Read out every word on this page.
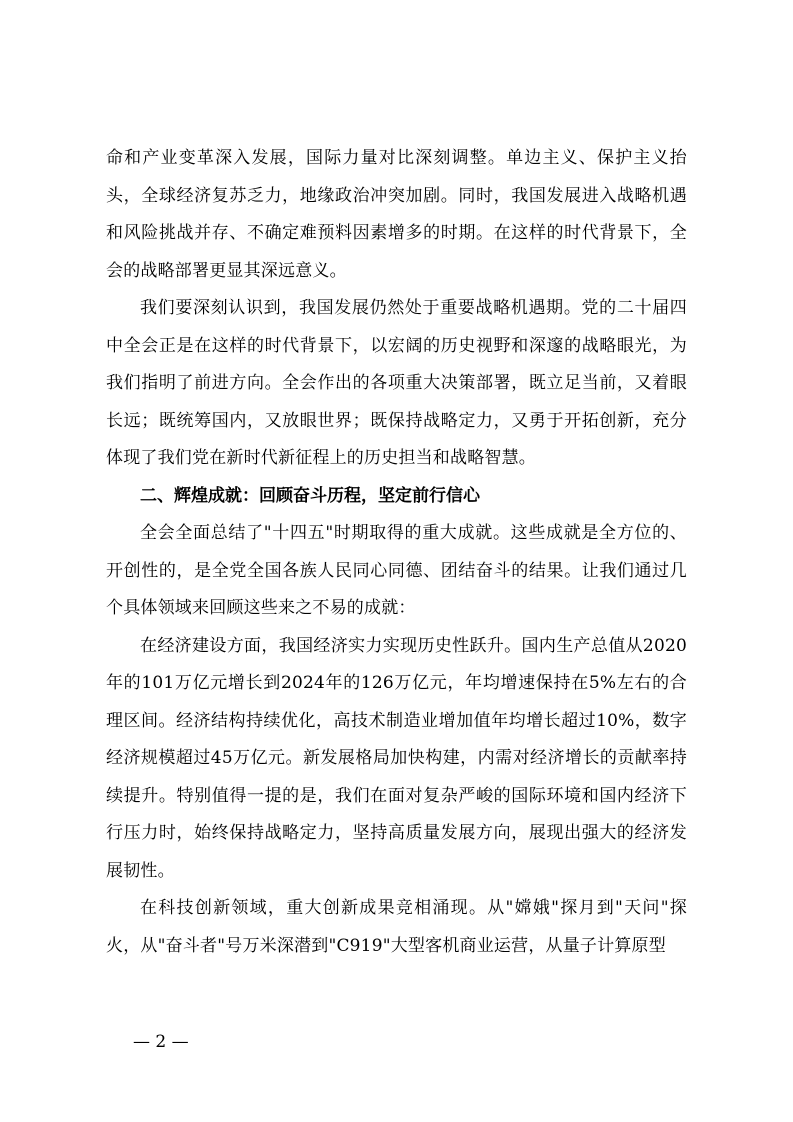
命和产业变革深入发展，国际力量对比深刻调整。单边主义、保护主义抬头，全球经济复苏乏力，地缘政治冲突加剧。同时，我国发展进入战略机遇和风险挑战并存、不确定难预料因素增多的时期。在这样的时代背景下，全会的战略部署更显其深远意义。

我们要深刻认识到，我国发展仍然处于重要战略机遇期。党的二十届四中全会正是在这样的时代背景下，以宏阔的历史视野和深邃的战略眼光，为我们指明了前进方向。全会作出的各项重大决策部署，既立足当前，又着眼长远；既统筹国内，又放眼世界；既保持战略定力，又勇于开拓创新，充分体现了我们党在新时代新征程上的历史担当和战略智慧。

二、辉煌成就：回顾奋斗历程，坚定前行信心

全会全面总结了"十四五"时期取得的重大成就。这些成就是全方位的、开创性的，是全党全国各族人民同心同德、团结奋斗的结果。让我们通过几个具体领域来回顾这些来之不易的成就：

在经济建设方面，我国经济实力实现历史性跃升。国内生产总值从2020年的101万亿元增长到2024年的126万亿元，年均增速保持在5%左右的合理区间。经济结构持续优化，高技术制造业增加值年均增长超过10%，数字经济规模超过45万亿元。新发展格局加快构建，内需对经济增长的贡献率持续提升。特别值得一提的是，我们在面对复杂严峻的国际环境和国内经济下行压力时，始终保持战略定力，坚持高质量发展方向，展现出强大的经济发展韧性。

在科技创新领域，重大创新成果竞相涌现。从"嫦娥"探月到"天问"探火，从"奋斗者"号万米深潜到"C919"大型客机商业运营，从量子计算原型

— 2 —
